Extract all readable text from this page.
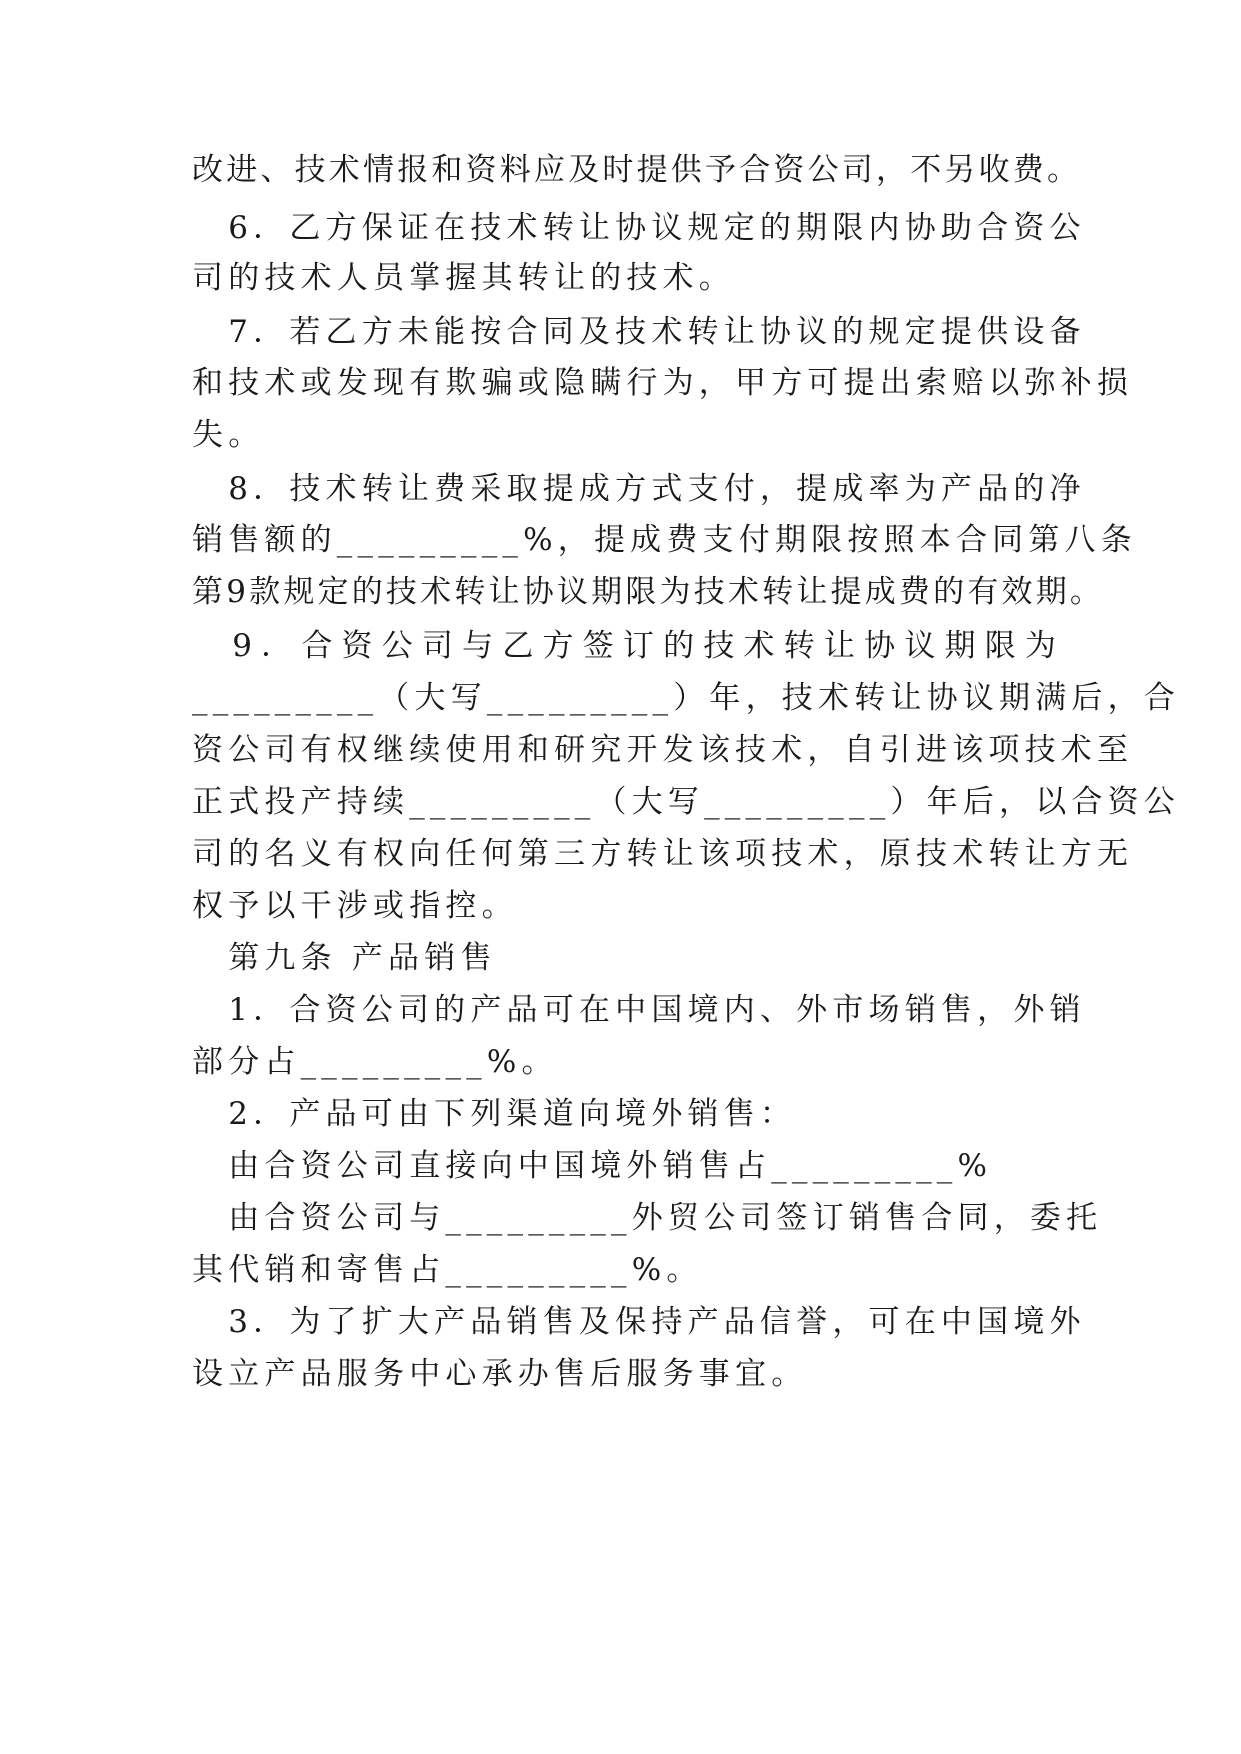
改进、技术情报和资料应及时提供予合资公司，不另收费。

　6．乙方保证在技术转让协议规定的期限内协助合资公

司的技术人员掌握其转让的技术。

　7．若乙方未能按合同及技术转让协议的规定提供设备

和技术或发现有欺骗或隐瞒行为，甲方可提出索赔以弥补损

失。

　8．技术转让费采取提成方式支付，提成率为产品的净

销售额的_________%，提成费支付期限按照本合同第八条

第9款规定的技术转让协议期限为技术转让提成费的有效期。

　9．合资公司与乙方签订的技术转让协议期限为

_________（大写_________）年，技术转让协议期满后，合

资公司有权继续使用和研究开发该技术，自引进该项技术至

正式投产持续_________（大写_________）年后，以合资公

司的名义有权向任何第三方转让该项技术，原技术转让方无

权予以干涉或指控。

　第九条 产品销售

　1．合资公司的产品可在中国境内、外市场销售，外销

部分占_________%。

　2．产品可由下列渠道向境外销售：

　由合资公司直接向中国境外销售占_________%

　由合资公司与_________外贸公司签订销售合同，委托

其代销和寄售占_________%。

　3．为了扩大产品销售及保持产品信誉，可在中国境外

设立产品服务中心承办售后服务事宜。
